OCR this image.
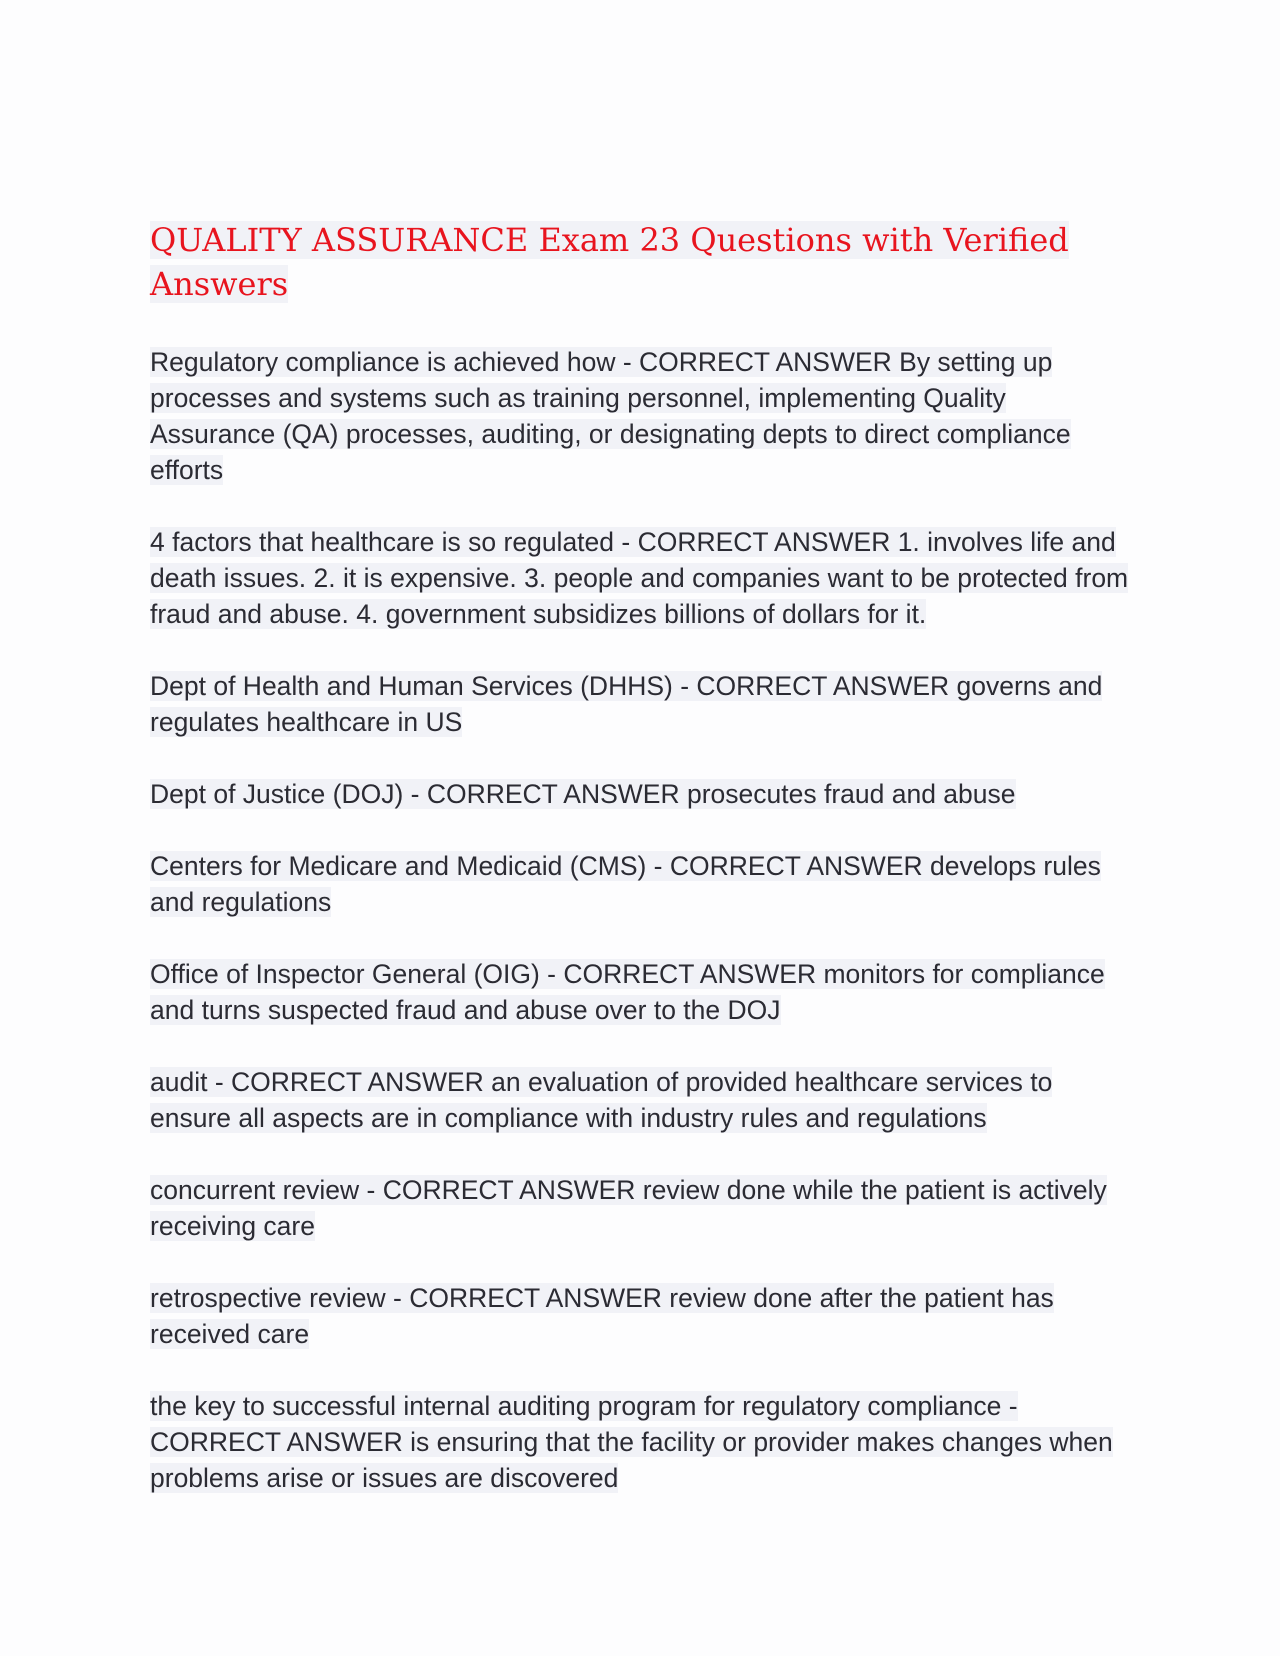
QUALITY ASSURANCE Exam 23 Questions with Verified Answers

Regulatory compliance is achieved how - CORRECT ANSWER By setting up processes and systems such as training personnel, implementing Quality Assurance (QA) processes, auditing, or designating depts to direct compliance efforts

4 factors that healthcare is so regulated - CORRECT ANSWER 1. involves life and death issues. 2. it is expensive. 3. people and companies want to be protected from fraud and abuse. 4. government subsidizes billions of dollars for it.

Dept of Health and Human Services (DHHS) - CORRECT ANSWER governs and regulates healthcare in US

Dept of Justice (DOJ) - CORRECT ANSWER prosecutes fraud and abuse

Centers for Medicare and Medicaid (CMS) - CORRECT ANSWER develops rules and regulations

Office of Inspector General (OIG) - CORRECT ANSWER monitors for compliance and turns suspected fraud and abuse over to the DOJ

audit - CORRECT ANSWER an evaluation of provided healthcare services to ensure all aspects are in compliance with industry rules and regulations

concurrent review - CORRECT ANSWER review done while the patient is actively receiving care

retrospective review - CORRECT ANSWER review done after the patient has received care

the key to successful internal auditing program for regulatory compliance - CORRECT ANSWER is ensuring that the facility or provider makes changes when problems arise or issues are discovered
